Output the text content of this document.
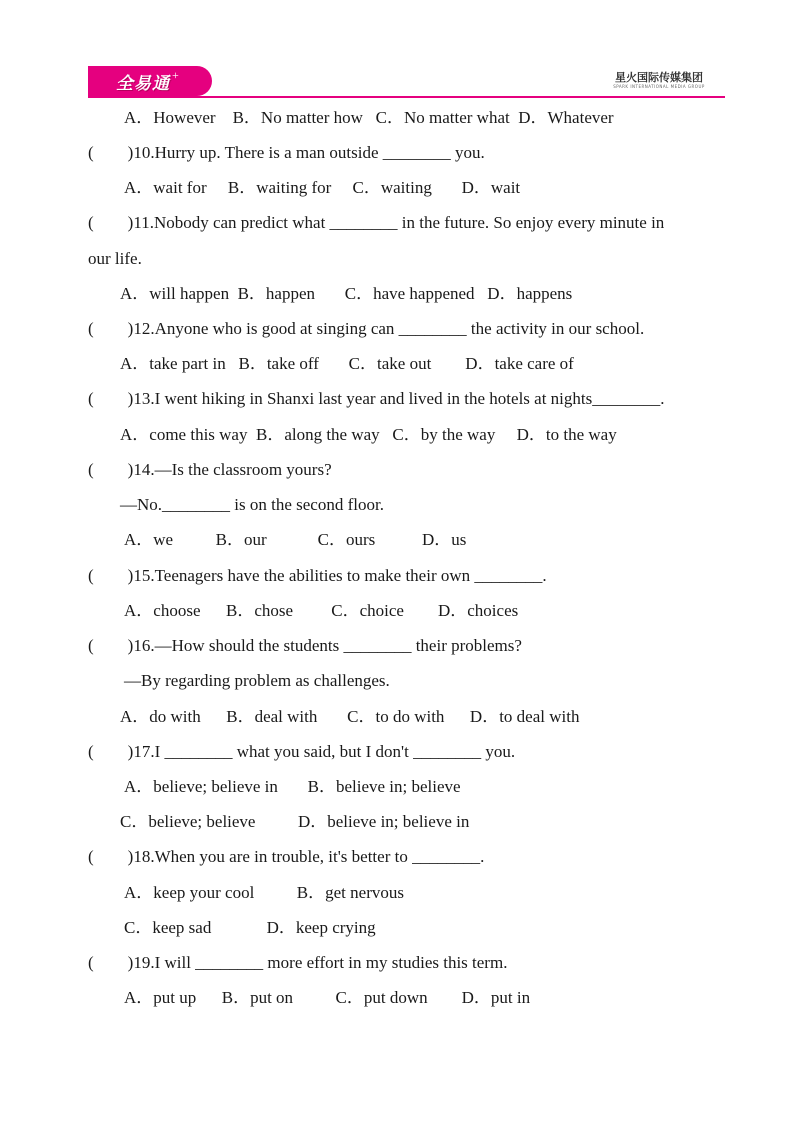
全易通 +	星火国际传媒集团
SPARK INTERNATIONAL MEDIA GROUP
A．However    B．No matter how   C．No matter what  D．Whatever
(        )10.Hurry up. There is a man outside ________ you.
A．wait for     B．waiting for     C．waiting       D．wait
(        )11.Nobody can predict what ________ in the future. So enjoy every minute in
our life.
A．will happen  B．happen       C．have happened   D．happens
(        )12.Anyone who is good at singing can ________ the activity in our school.
A．take part in   B．take off       C．take out        D．take care of
(        )13.I went hiking in Shanxi last year and lived in the hotels at nights________.
A．come this way  B．along the way   C．by the way     D．to the way
(        )14.—Is the classroom yours?
—No.________ is on the second floor.
A．we          B．our            C．ours           D．us
(        )15.Teenagers have the abilities to make their own ________.
A．choose      B．chose         C．choice        D．choices
(        )16.—How should the students ________ their problems?
—By regarding problem as challenges.
A．do with      B．deal with       C．to do with      D．to deal with
(        )17.I ________ what you said, but I don't ________ you.
A．believe; believe in       B．believe in; believe
C．believe; believe          D．believe in; believe in
(        )18.When you are in trouble, it's better to ________.
A．keep your cool          B．get nervous
C．keep sad             D．keep crying
(        )19.I will ________ more effort in my studies this term.
A．put up      B．put on          C．put down        D．put in
